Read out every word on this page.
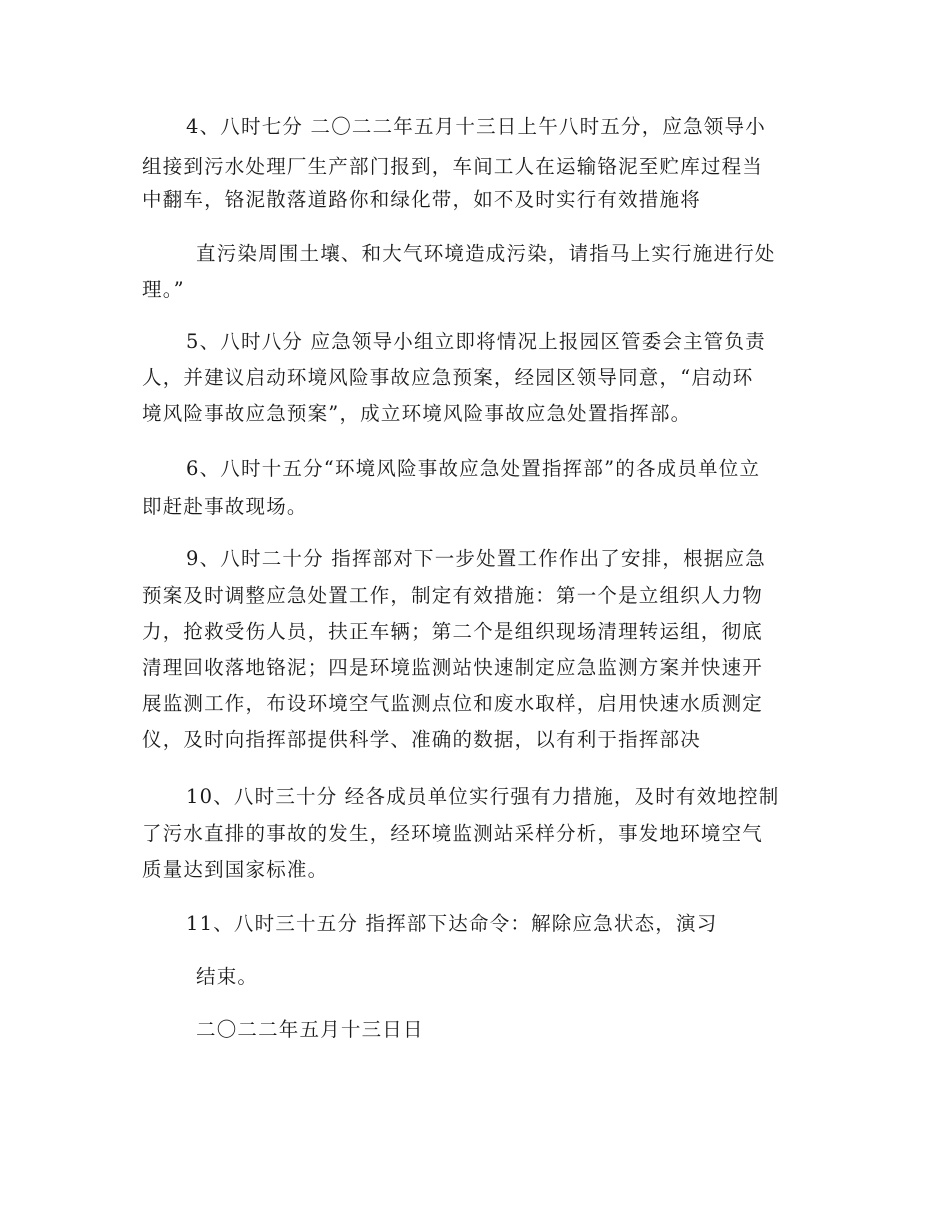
4、八时七分 二〇二二年五月十三日上午八时五分，应急领导小
组接到污水处理厂生产部门报到，车间工人在运输铬泥至贮库过程当
中翻车，铬泥散落道路你和绿化带，如不及时实行有效措施将
直污染周围土壤、和大气环境造成污染，请指马上实行施进行处
理。”
5、八时八分 应急领导小组立即将情况上报园区管委会主管负责
人，并建议启动环境风险事故应急预案，经园区领导同意，“启动环
境风险事故应急预案”，成立环境风险事故应急处置指挥部。
6、八时十五分“环境风险事故应急处置指挥部”的各成员单位立
即赶赴事故现场。
9、八时二十分 指挥部对下一步处置工作作出了安排，根据应急
预案及时调整应急处置工作，制定有效措施：第一个是立组织人力物
力，抢救受伤人员，扶正车辆；第二个是组织现场清理转运组，彻底
清理回收落地铬泥；四是环境监测站快速制定应急监测方案并快速开
展监测工作，布设环境空气监测点位和废水取样，启用快速水质测定
仪，及时向指挥部提供科学、准确的数据，以有利于指挥部决
10、八时三十分 经各成员单位实行强有力措施，及时有效地控制
了污水直排的事故的发生，经环境监测站采样分析，事发地环境空气
质量达到国家标准。
11、八时三十五分 指挥部下达命令：解除应急状态，演习
结束。
二〇二二年五月十三日日
